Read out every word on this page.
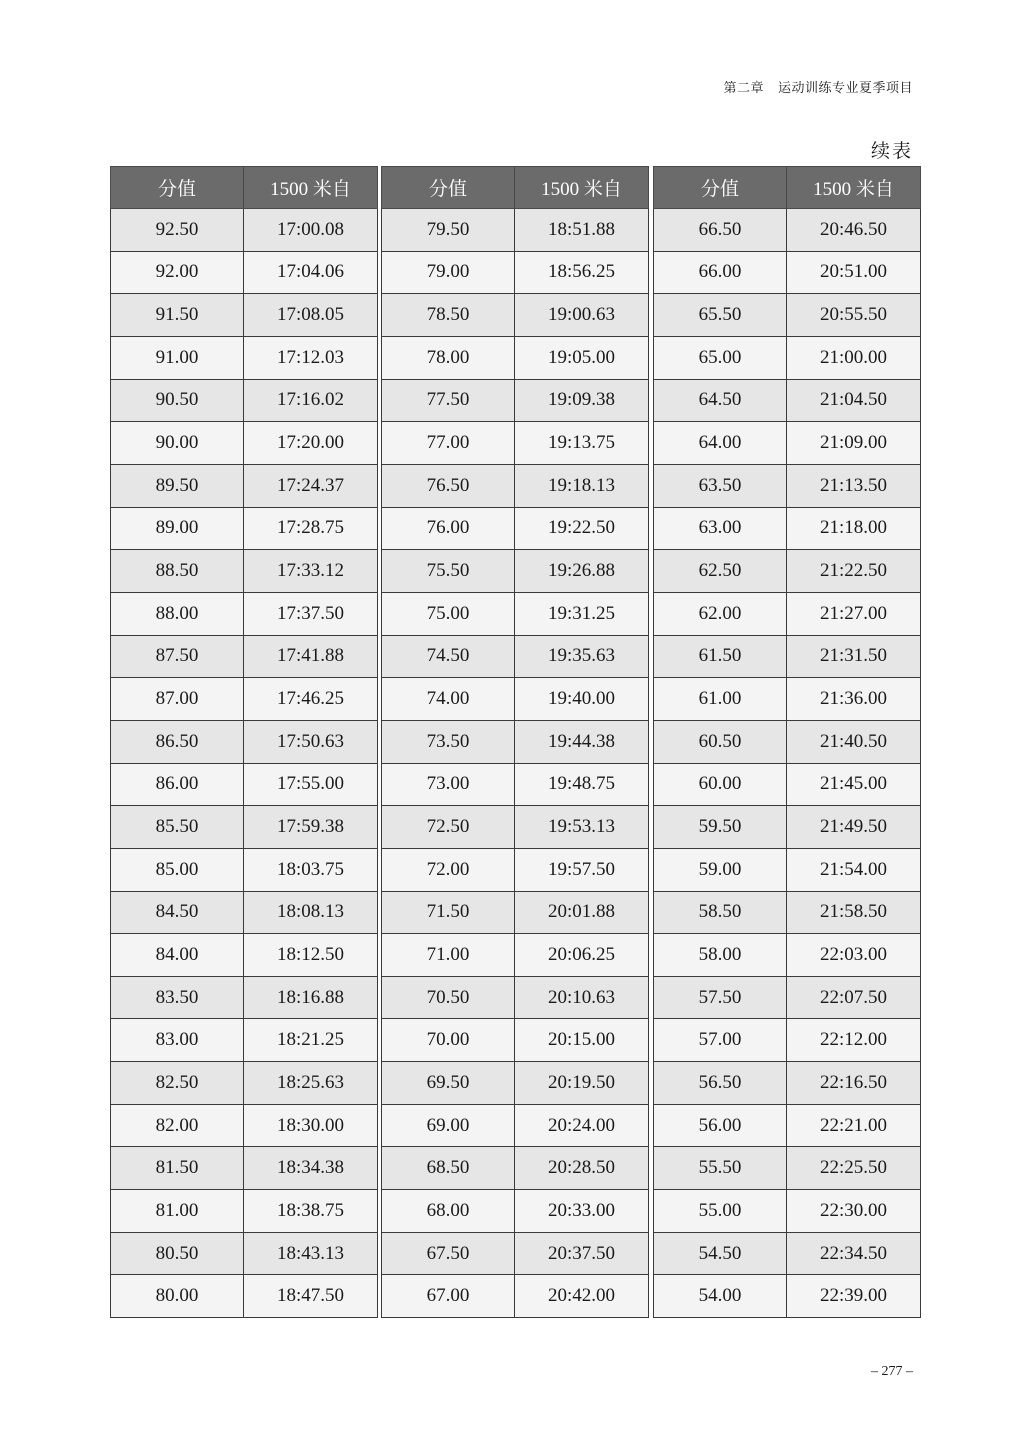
第二章 运动训练专业夏季项目
续表
分值	1500 米自
92.50	17:00.08
92.00	17:04.06
91.50	17:08.05
91.00	17:12.03
90.50	17:16.02
90.00	17:20.00
89.50	17:24.37
89.00	17:28.75
88.50	17:33.12
88.00	17:37.50
87.50	17:41.88
87.00	17:46.25
86.50	17:50.63
86.00	17:55.00
85.50	17:59.38
85.00	18:03.75
84.50	18:08.13
84.00	18:12.50
83.50	18:16.88
83.00	18:21.25
82.50	18:25.63
82.00	18:30.00
81.50	18:34.38
81.00	18:38.75
80.50	18:43.13
80.00	18:47.50
分值	1500 米自
79.50	18:51.88
79.00	18:56.25
78.50	19:00.63
78.00	19:05.00
77.50	19:09.38
77.00	19:13.75
76.50	19:18.13
76.00	19:22.50
75.50	19:26.88
75.00	19:31.25
74.50	19:35.63
74.00	19:40.00
73.50	19:44.38
73.00	19:48.75
72.50	19:53.13
72.00	19:57.50
71.50	20:01.88
71.00	20:06.25
70.50	20:10.63
70.00	20:15.00
69.50	20:19.50
69.00	20:24.00
68.50	20:28.50
68.00	20:33.00
67.50	20:37.50
67.00	20:42.00
分值	1500 米自
66.50	20:46.50
66.00	20:51.00
65.50	20:55.50
65.00	21:00.00
64.50	21:04.50
64.00	21:09.00
63.50	21:13.50
63.00	21:18.00
62.50	21:22.50
62.00	21:27.00
61.50	21:31.50
61.00	21:36.00
60.50	21:40.50
60.00	21:45.00
59.50	21:49.50
59.00	21:54.00
58.50	21:58.50
58.00	22:03.00
57.50	22:07.50
57.00	22:12.00
56.50	22:16.50
56.00	22:21.00
55.50	22:25.50
55.00	22:30.00
54.50	22:34.50
54.00	22:39.00
– 277 –
